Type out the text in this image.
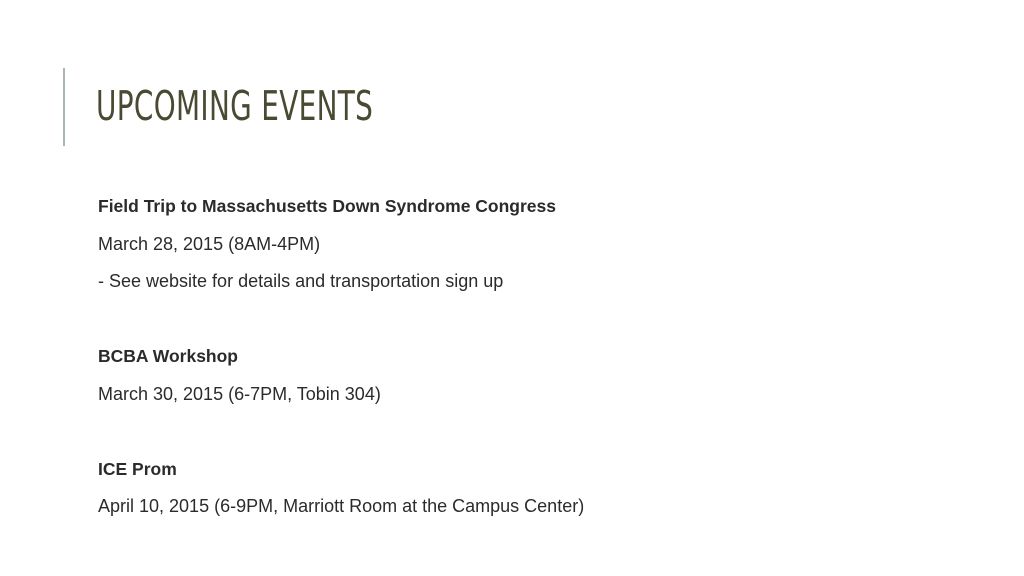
UPCOMING EVENTS
Field Trip to Massachusetts Down Syndrome Congress
March 28, 2015 (8AM-4PM)
- See website for details and transportation sign up
BCBA Workshop
March 30, 2015 (6-7PM, Tobin 304)
ICE Prom
April 10, 2015 (6-9PM, Marriott Room at the Campus Center)
